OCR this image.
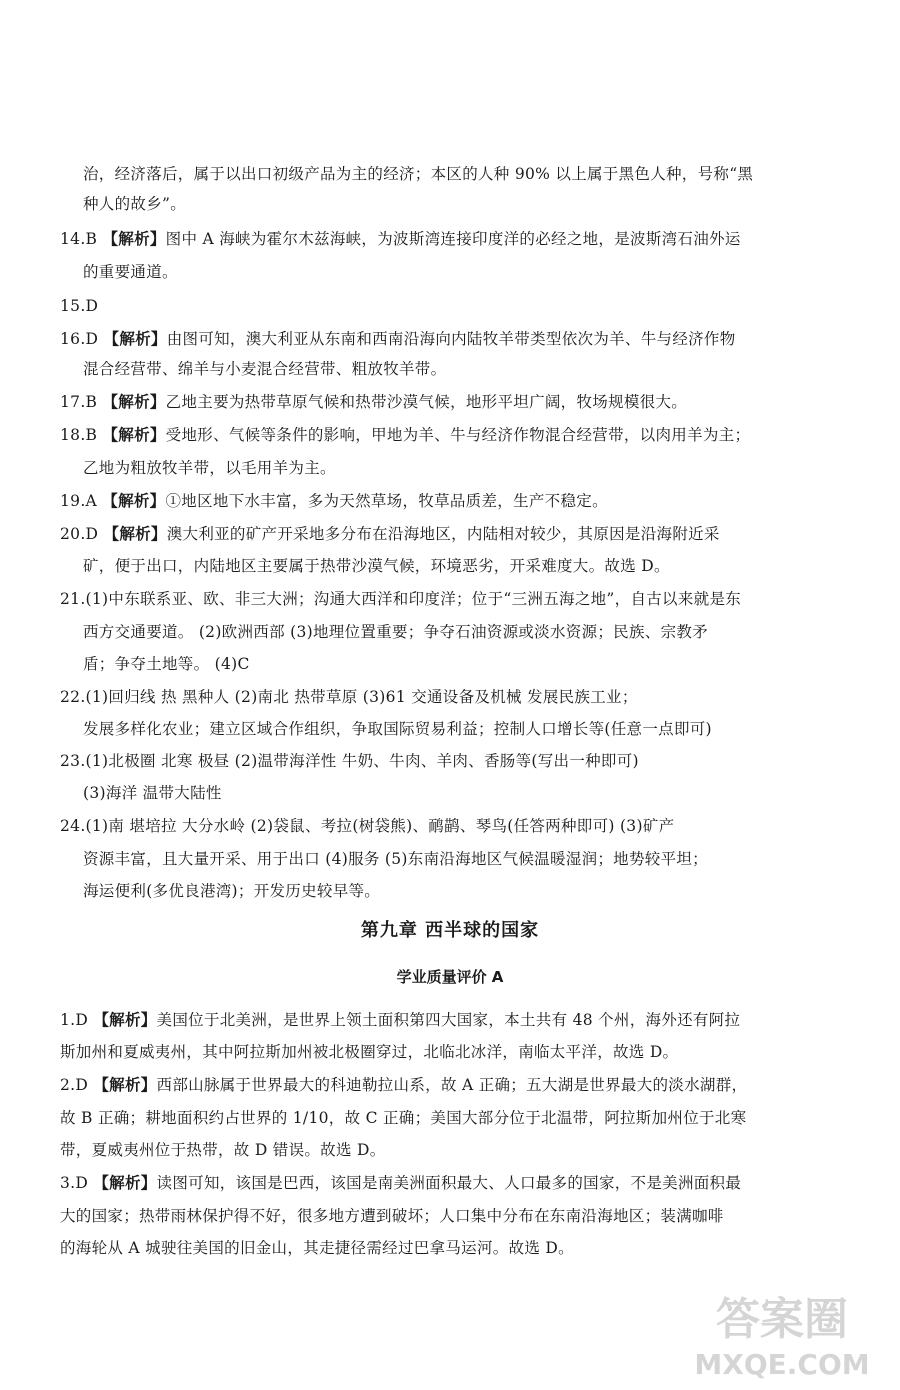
治，经济落后，属于以出口初级产品为主的经济；本区的人种 90% 以上属于黑色人种，号称“黑
种人的故乡”。
14.B 【解析】图中 A 海峡为霍尔木兹海峡，为波斯湾连接印度洋的必经之地，是波斯湾石油外运
的重要通道。
15.D
16.D 【解析】由图可知，澳大利亚从东南和西南沿海向内陆牧羊带类型依次为羊、牛与经济作物
混合经营带、绵羊与小麦混合经营带、粗放牧羊带。
17.B 【解析】乙地主要为热带草原气候和热带沙漠气候，地形平坦广阔，牧场规模很大。
18.B 【解析】受地形、气候等条件的影响，甲地为羊、牛与经济作物混合经营带，以肉用羊为主；
乙地为粗放牧羊带，以毛用羊为主。
19.A 【解析】①地区地下水丰富，多为天然草场，牧草品质差，生产不稳定。
20.D 【解析】澳大利亚的矿产开采地多分布在沿海地区，内陆相对较少，其原因是沿海附近采
矿，便于出口，内陆地区主要属于热带沙漠气候，环境恶劣，开采难度大。故选 D。
21.(1)中东联系亚、欧、非三大洲；沟通大西洋和印度洋；位于“三洲五海之地”，自古以来就是东
西方交通要道。 (2)欧洲西部 (3)地理位置重要；争夺石油资源或淡水资源；民族、宗教矛
盾；争夺土地等。 (4)C
22.(1)回归线 热 黑种人 (2)南北 热带草原 (3)61 交通设备及机械 发展民族工业；
发展多样化农业；建立区域合作组织，争取国际贸易利益；控制人口增长等(任意一点即可)
23.(1)北极圈 北寒 极昼 (2)温带海洋性 牛奶、牛肉、羊肉、香肠等(写出一种即可)
(3)海洋 温带大陆性
24.(1)南 堪培拉 大分水岭 (2)袋鼠、考拉(树袋熊)、鸸鹋、琴鸟(任答两种即可) (3)矿产
资源丰富，且大量开采、用于出口 (4)服务 (5)东南沿海地区气候温暖湿润；地势较平坦；
海运便利(多优良港湾)；开发历史较早等。
1.D 【解析】美国位于北美洲，是世界上领土面积第四大国家，本土共有 48 个州，海外还有阿拉
斯加州和夏威夷州，其中阿拉斯加州被北极圈穿过，北临北冰洋，南临太平洋，故选 D。
2.D 【解析】西部山脉属于世界最大的科迪勒拉山系，故 A 正确；五大湖是世界最大的淡水湖群，
故 B 正确；耕地面积约占世界的 1/10，故 C 正确；美国大部分位于北温带，阿拉斯加州位于北寒
带，夏威夷州位于热带，故 D 错误。故选 D。
3.D 【解析】读图可知，该国是巴西，该国是南美洲面积最大、人口最多的国家，不是美洲面积最
大的国家；热带雨林保护得不好，很多地方遭到破坏；人口集中分布在东南沿海地区；装满咖啡
的海轮从 A 城驶往美国的旧金山，其走捷径需经过巴拿马运河。故选 D。
第九章 西半球的国家
学业质量评价 A
答案圈
MXQE.COM
